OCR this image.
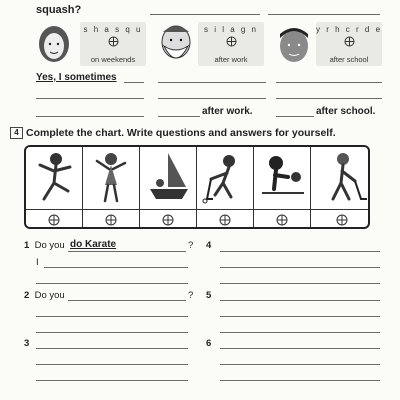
squash?
s h a s q u
on weekends
s i l a g n
after work
y r h c r d e
after school
Yes, I sometimes
after work.	after school.
4 Complete the chart. Write questions and answers for yourself.
1 Do you do Karate	?
I
4
2 Do you	? 5
3	6
